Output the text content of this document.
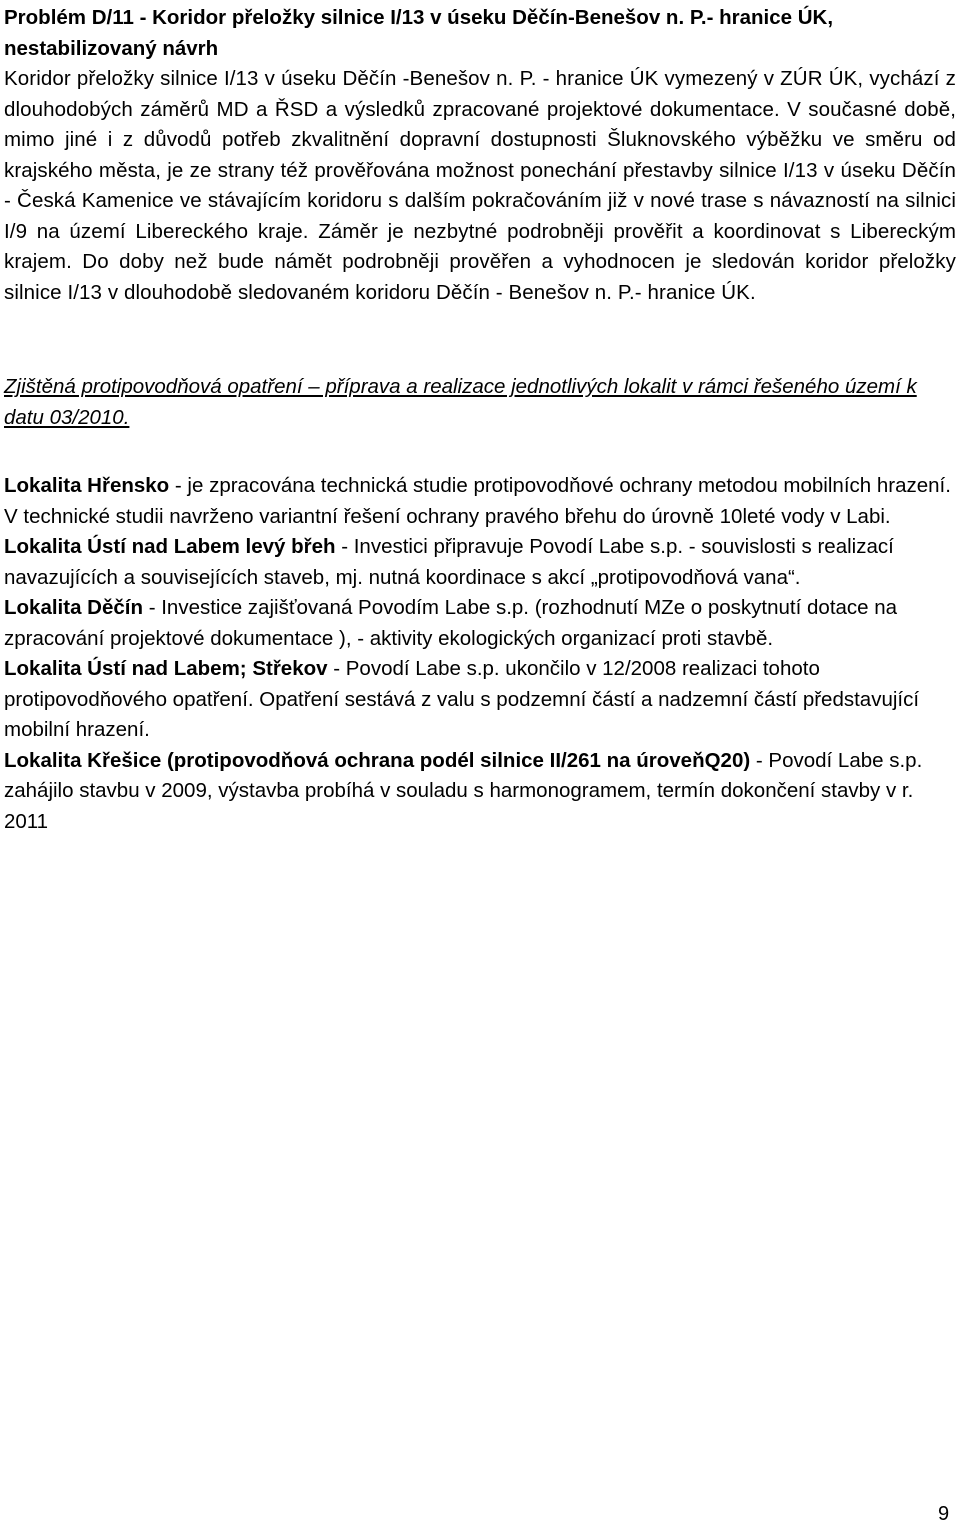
Problém D/11 - Koridor přeložky silnice I/13 v úseku Děčín-Benešov n. P.- hranice ÚK,
nestabilizovaný návrh

Koridor přeložky silnice I/13 v úseku Děčín -Benešov n. P. - hranice ÚK vymezený v ZÚR ÚK, vychází z dlouhodobých záměrů MD a ŘSD a výsledků zpracované projektové dokumentace. V současné době, mimo jiné i z důvodů potřeb zkvalitnění dopravní dostupnosti Šluknovského výběžku ve směru od krajského města, je ze strany též prověřována možnost ponechání přestavby silnice I/13 v úseku Děčín - Česká Kamenice ve stávajícím koridoru s dalším pokračováním již v nové trase s návazností na silnici I/9 na území Libereckého kraje. Záměr je nezbytné podrobněji prověřit a koordinovat s Libereckým krajem. Do doby než bude námět podrobněji prověřen a vyhodnocen je sledován koridor přeložky silnice I/13 v dlouhodobě sledovaném koridoru Děčín - Benešov n. P.- hranice ÚK.

Zjištěná protipovodňová opatření – příprava a realizace jednotlivých lokalit v rámci řešeného území k datu 03/2010.

Lokalita Hřensko - je zpracována technická studie protipovodňové ochrany metodou mobilních hrazení. V technické studii navrženo variantní řešení ochrany pravého břehu do úrovně 10leté vody v Labi.

Lokalita Ústí nad Labem levý břeh - Investici připravuje Povodí Labe s.p. - souvislosti s realizací navazujících a souvisejících staveb, mj. nutná koordinace s akcí „protipovodňová vana“.

Lokalita Děčín - Investice zajišťovaná Povodím Labe s.p. (rozhodnutí MZe o poskytnutí dotace na zpracování projektové dokumentace ), - aktivity ekologických organizací proti stavbě.

Lokalita Ústí nad Labem; Střekov - Povodí Labe s.p. ukončilo v 12/2008 realizaci tohoto protipovodňového opatření. Opatření sestává z valu s podzemní částí a nadzemní částí představující mobilní hrazení.

Lokalita Křešice (protipovodňová ochrana podél silnice II/261 na úroveňQ20) - Povodí Labe s.p. zahájilo stavbu v 2009, výstavba probíhá v souladu s harmonogramem, termín dokončení stavby v r. 2011

9
